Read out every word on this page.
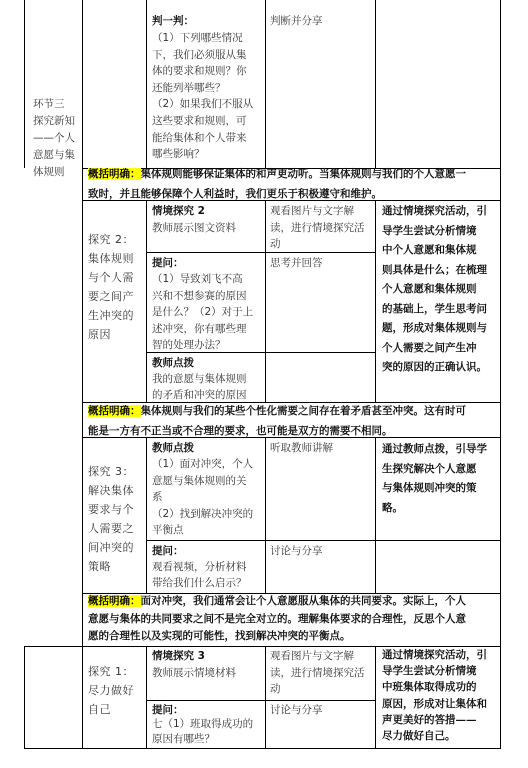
环节三
探究新知
——个人
意愿与集
体规则
判一判：
（1）下列哪些情况
下，我们必须服从集
体的要求和规则？你
还能列举哪些？
（2）如果我们不服从
这些要求和规则，可
能给集体和个人带来
哪些影响？
判断并分享
概括明确：集体规则能够保证集体的和声更动听。当集体规则与我们的个人意愿一
致时，并且能够保障个人利益时，我们更乐于积极遵守和维护。
探究 2：
集体规则
与个人需
要之间产
生冲突的
原因
情境探究 2
教师展示图文资料
观看图片与文字解
读，进行情境探究活
动
通过情境探究活动，引
导学生尝试分析情境
中个人意愿和集体规
则具体是什么；在梳理
个人意愿和集体规则
的基础上，学生思考问
题，形成对集体规则与
个人需要之间产生冲
突的原因的正确认识。
提问：
（1）导致刘飞不高
兴和不想参赛的原因
是什么？（2）对于上
述冲突，你有哪些理
智的处理办法？
思考并回答
教师点拨
我的意愿与集体规则
的矛盾和冲突的原因
概括明确：集体规则与我们的某些个性化需要之间存在着矛盾甚至冲突。这有时可
能是一方有不正当或不合理的要求，也可能是双方的需要不相同。
探究 3：
解决集体
要求与个
人需要之
间冲突的
策略
教师点拨
（1）面对冲突，个人
意愿与集体规则的关
系
（2）找到解决冲突的
平衡点
听取教师讲解	通过教师点拨，引导学
生探究解决个人意愿
与集体规则冲突的策
略。
提问：
观看视频，分析材料
带给我们什么启示？
讨论与分享
概括明确：面对冲突，我们通常会让个人意愿服从集体的共同要求。实际上，个人
意愿与集体的共同要求之间不是完全对立的。理解集体要求的合理性，反思个人意
愿的合理性以及实现的可能性，找到解决冲突的平衡点。
探究 1：
尽力做好
自己
情境探究 3
教师展示情境材料
观看图片与文字解
读，进行情境探究活
动
通过情境探究活动，引
导学生尝试分析情境
中班集体取得成功的
原因，形成对让集体和
声更美好的答措——
尽力做好自己。
提问：
七（1）班取得成功的
原因有哪些？
讨论与分享
